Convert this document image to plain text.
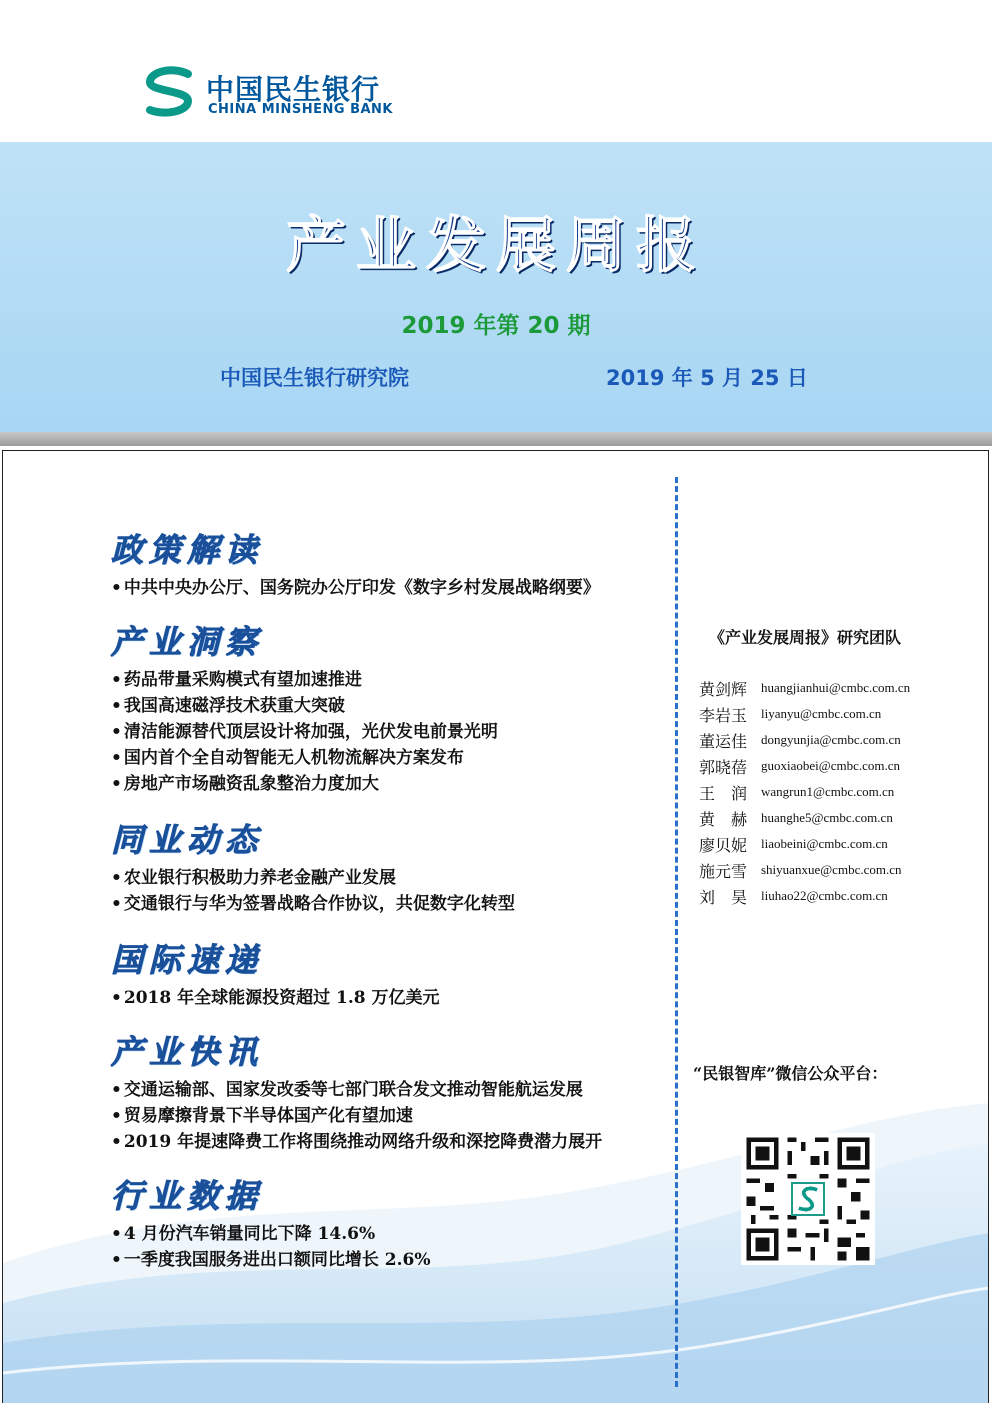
中国民生银行
CHINA MINSHENG BANK
产业发展周报
2019 年第 20 期
中国民生银行研究院	2019 年 5 月 25 日
政策解读
• 中共中央办公厅、国务院办公厅印发《数字乡村发展战略纲要》
产业洞察
• 药品带量采购模式有望加速推进
• 我国高速磁浮技术获重大突破
• 清洁能源替代顶层设计将加强，光伏发电前景光明
• 国内首个全自动智能无人机物流解决方案发布
• 房地产市场融资乱象整治力度加大
同业动态
• 农业银行积极助力养老金融产业发展
• 交通银行与华为签署战略合作协议，共促数字化转型
国际速递
• 2018 年全球能源投资超过 1.8 万亿美元
产业快讯
• 交通运输部、国家发改委等七部门联合发文推动智能航运发展
• 贸易摩擦背景下半导体国产化有望加速
• 2019 年提速降费工作将围绕推动网络升级和深挖降费潜力展开
行业数据
• 4 月份汽车销量同比下降 14.6%
• 一季度我国服务进出口额同比增长 2.6%
《产业发展周报》研究团队
黄剑辉	huangjianhui@cmbc.com.cn
李岩玉	liyanyu@cmbc.com.cn
董运佳	dongyunjia@cmbc.com.cn
郭晓蓓	guoxiaobei@cmbc.com.cn
王　润	wangrun1@cmbc.com.cn
黄　赫	huanghe5@cmbc.com.cn
廖贝妮	liaobeini@cmbc.com.cn
施元雪	shiyuanxue@cmbc.com.cn
刘　昊	liuhao22@cmbc.com.cn
“民银智库”微信公众平台：
